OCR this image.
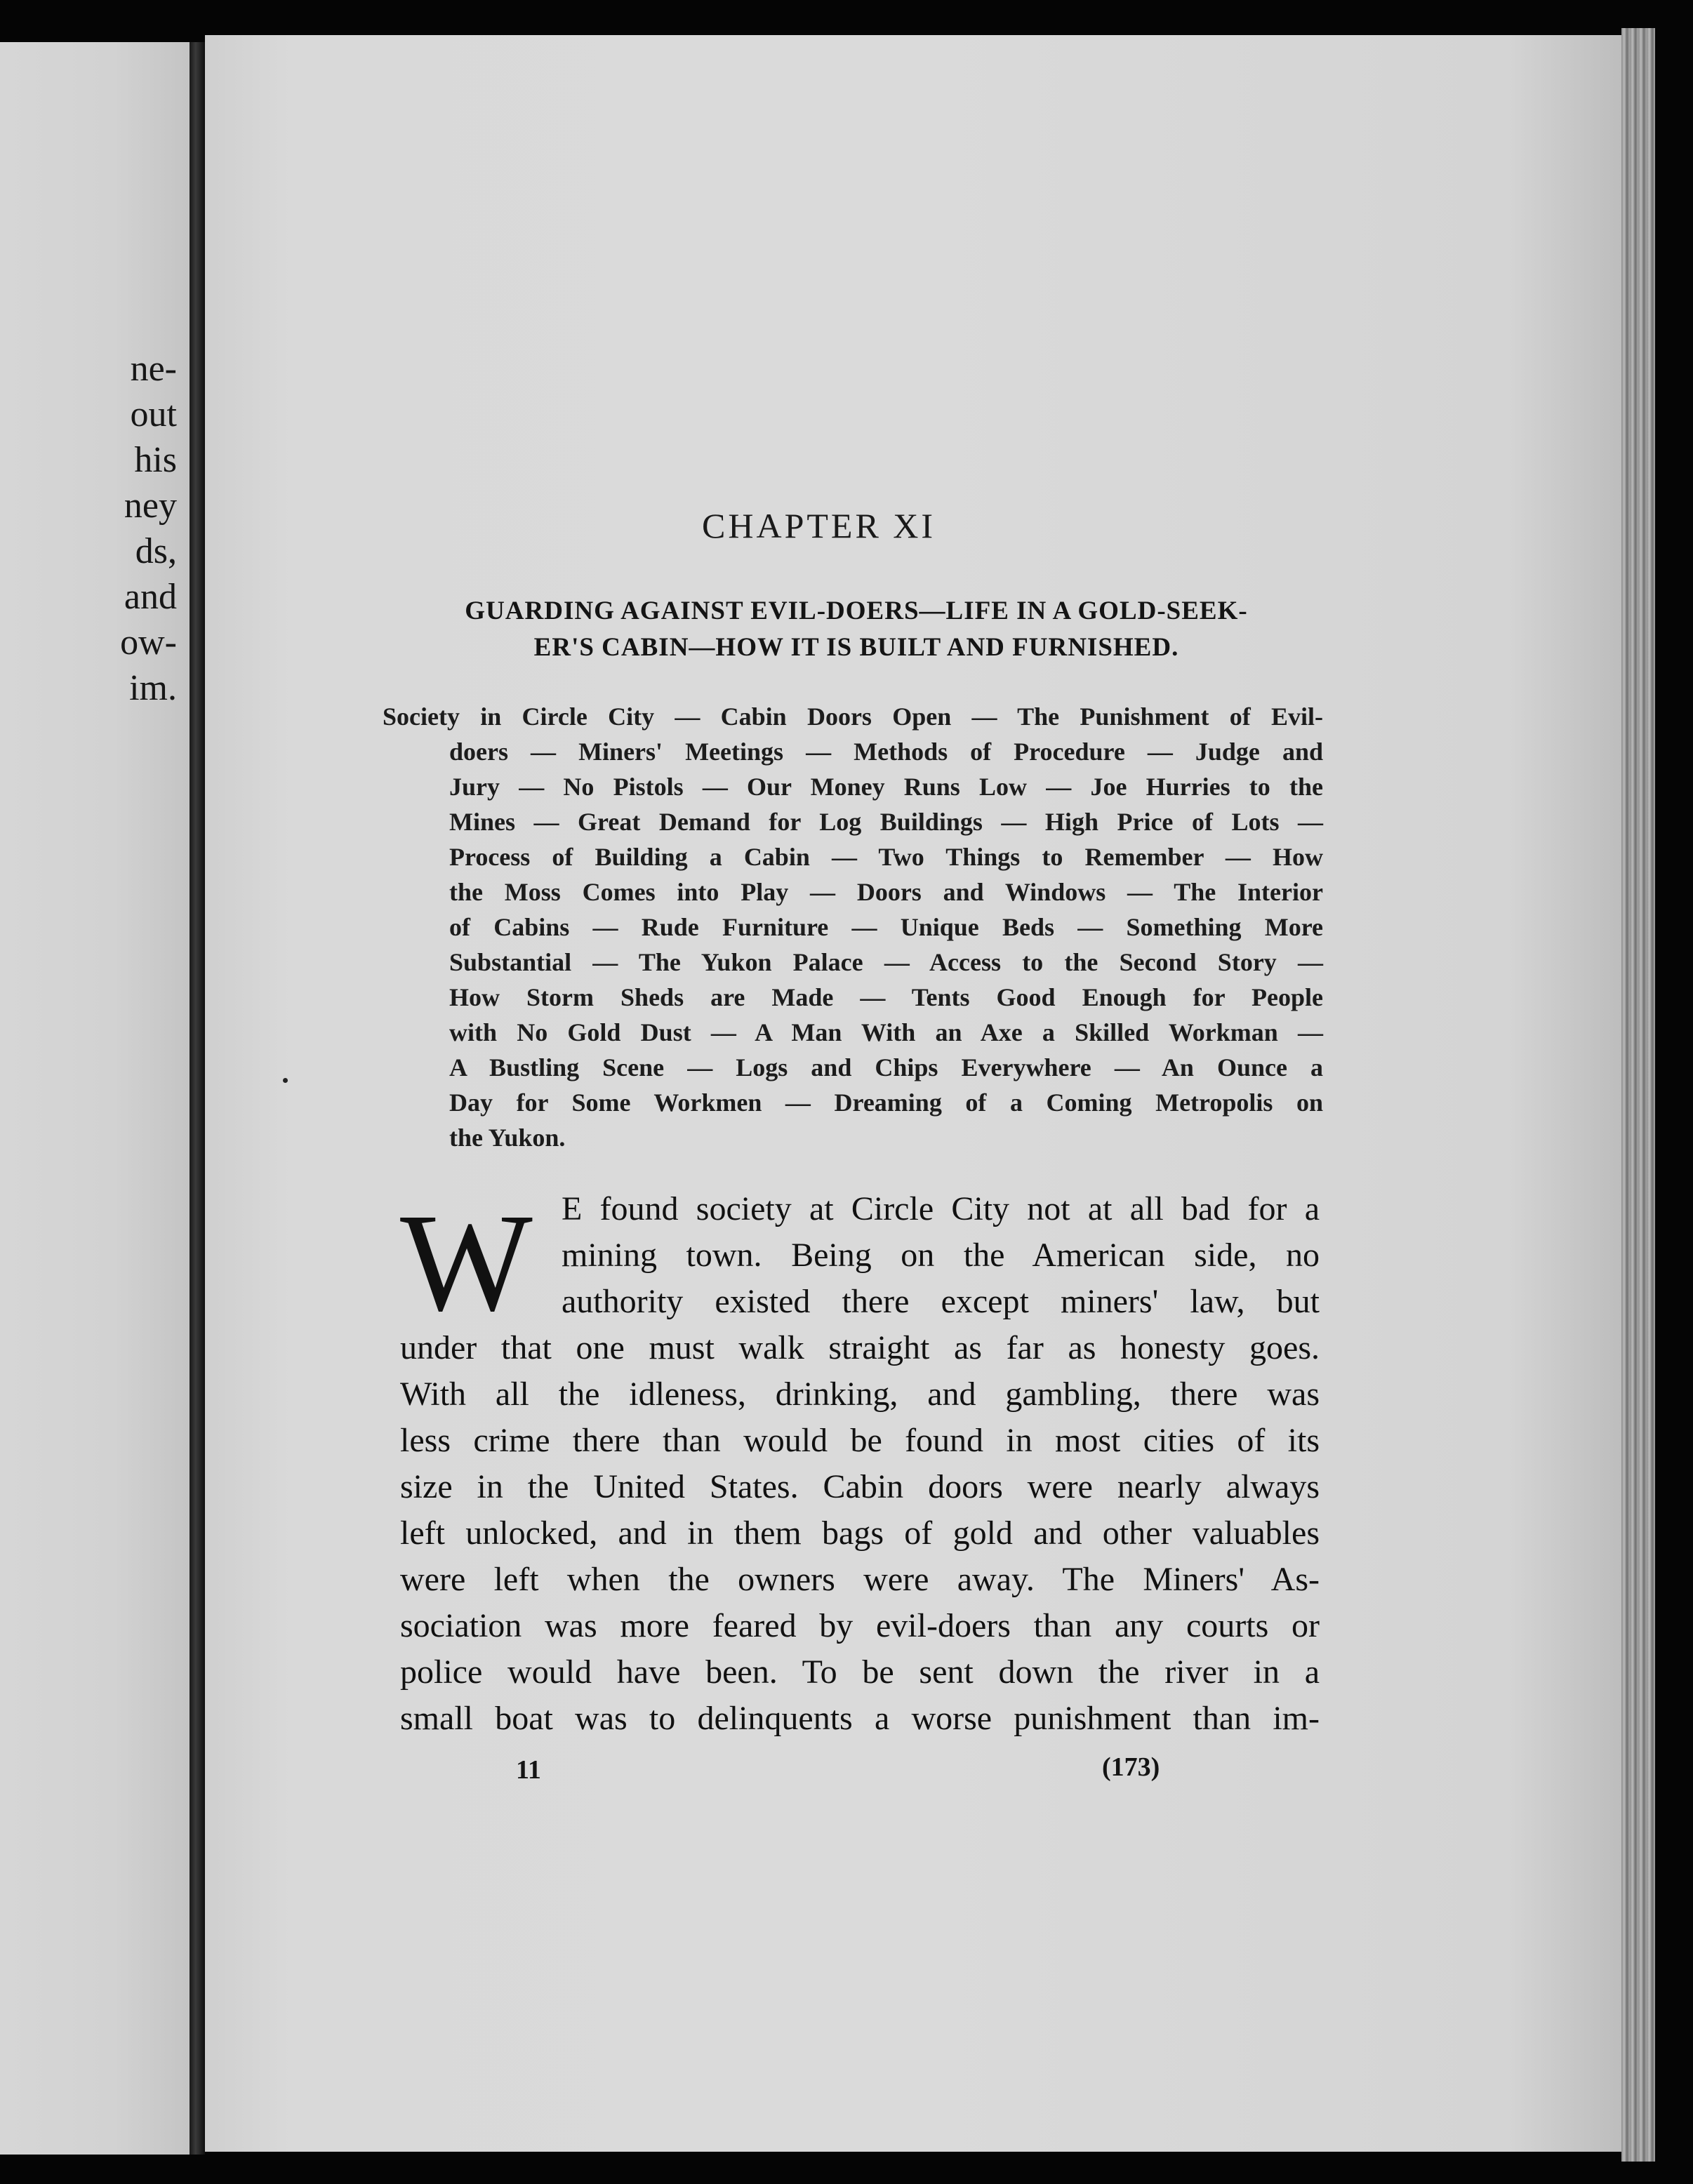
ne-
out
his
ney
ds,
and
ow-
im.
CHAPTER XI
GUARDING AGAINST EVIL-DOERS—LIFE IN A GOLD-SEEK-
ER'S CABIN—HOW IT IS BUILT AND FURNISHED.
Society in Circle City — Cabin Doors Open — The Punishment of Evil-
doers — Miners' Meetings — Methods of Procedure — Judge and
Jury — No Pistols — Our Money Runs Low — Joe Hurries to the
Mines — Great Demand for Log Buildings — High Price of Lots —
Process of Building a Cabin — Two Things to Remember — How
the Moss Comes into Play — Doors and Windows — The Interior
of Cabins — Rude Furniture — Unique Beds — Something More
Substantial — The Yukon Palace — Access to the Second Story —
How Storm Sheds are Made — Tents Good Enough for People
with No Gold Dust — A Man With an Axe a Skilled Workman —
A Bustling Scene — Logs and Chips Everywhere — An Ounce a
Day for Some Workmen — Dreaming of a Coming Metropolis on
the Yukon.
W E found society at Circle City not at all bad for a
mining town. Being on the American side, no
authority existed there except miners' law, but
under that one must walk straight as far as honesty goes.
With all the idleness, drinking, and gambling, there was
less crime there than would be found in most cities of its
size in the United States. Cabin doors were nearly always
left unlocked, and in them bags of gold and other valuables
were left when the owners were away. The Miners' As-
sociation was more feared by evil-doers than any courts or
police would have been. To be sent down the river in a
small boat was to delinquents a worse punishment than im-
11	(173)
